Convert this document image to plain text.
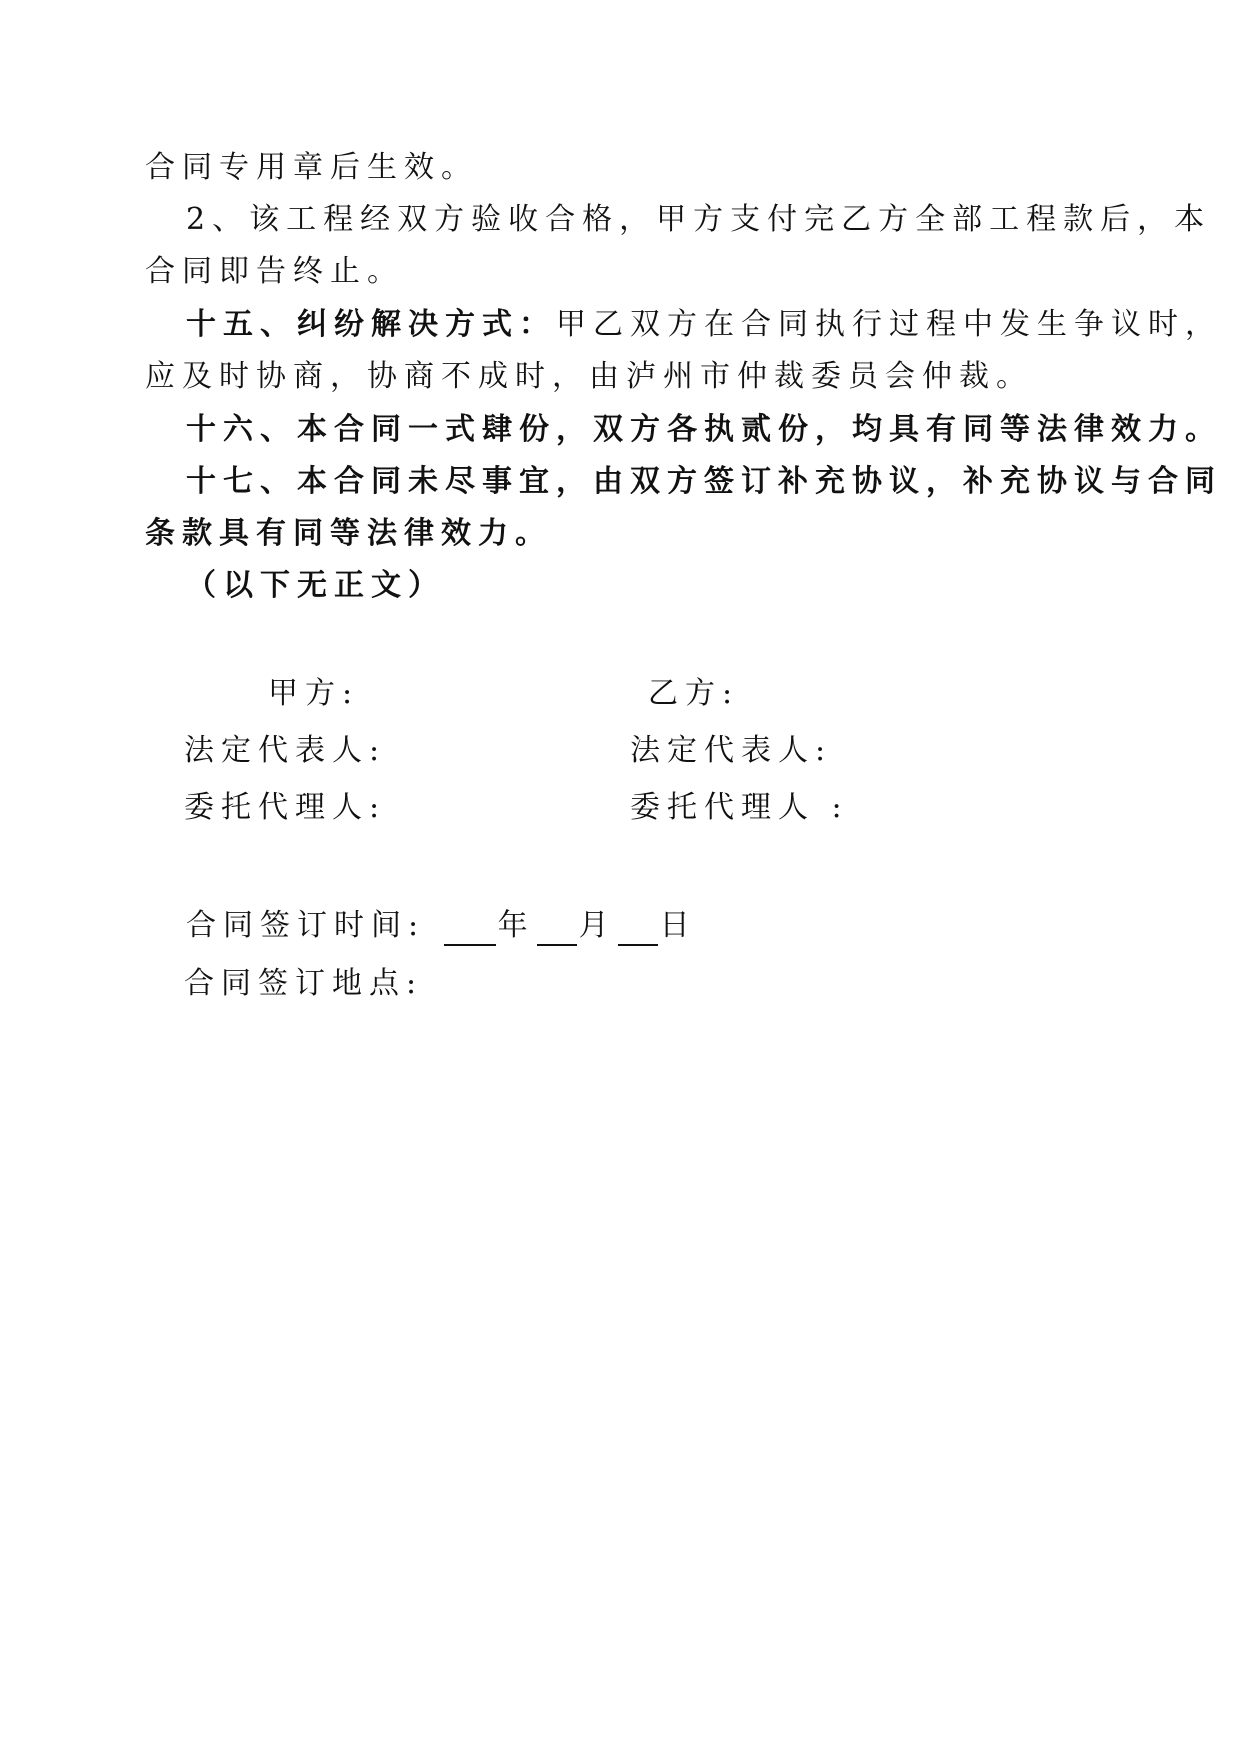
合同专用章后生效。
2、该工程经双方验收合格，甲方支付完乙方全部工程款后，本
合同即告终止。
十五、纠纷解决方式：甲乙双方在合同执行过程中发生争议时，
应及时协商，协商不成时，由泸州市仲裁委员会仲裁。
十六、本合同一式肆份，双方各执贰份，均具有同等法律效力。
十七、本合同未尽事宜，由双方签订补充协议，补充协议与合同
条款具有同等法律效力。
（以下无正文）
甲方:	乙方:
法定代表人:	法定代表人:
委托代理人:	委托代理人 :
合同签订时间: 年 月 日
合同签订地点:
